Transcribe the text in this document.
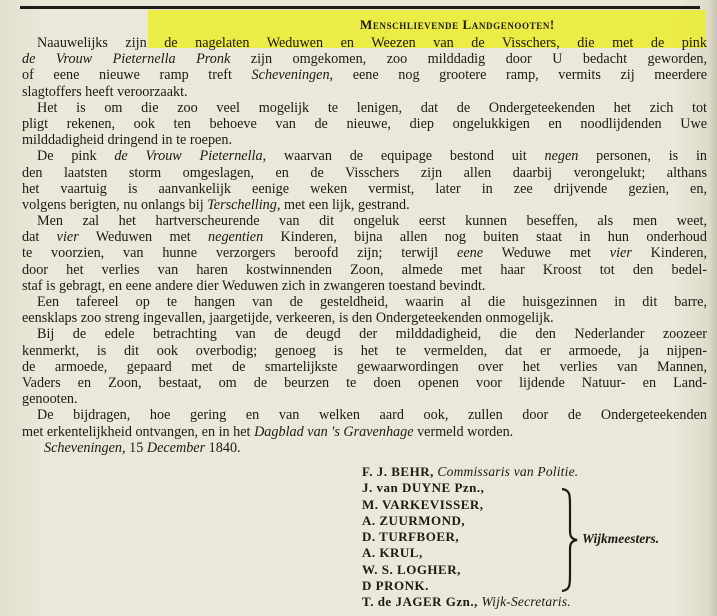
Menschlievende Landgenooten!
Naauwelijks zijn de nagelaten Weduwen en Weezen van de Visschers, die met de pink
de Vrouw Pieternella Pronk zijn omgekomen, zoo milddadig door U bedacht geworden,
of eene nieuwe ramp treft Scheveningen, eene nog grootere ramp, vermits zij meerdere
slagtoffers heeft veroorzaakt.
Het is om die zoo veel mogelijk te lenigen, dat de Ondergeteekenden het zich tot
pligt rekenen, ook ten behoeve van de nieuwe, diep ongelukkigen en noodlijdenden Uwe
milddadigheid dringend in te roepen.
De pink de Vrouw Pieternella, waarvan de equipage bestond uit negen personen, is in
den laatsten storm omgeslagen, en de Visschers zijn allen daarbij verongelukt; althans
het vaartuig is aanvankelijk eenige weken vermist, later in zee drijvende gezien, en,
volgens berigten, nu onlangs bij Terschelling, met een lijk, gestrand.
Men zal het hartverscheurende van dit ongeluk eerst kunnen beseffen, als men weet,
dat vier Weduwen met negentien Kinderen, bijna allen nog buiten staat in hun onderhoud
te voorzien, van hunne verzorgers beroofd zijn; terwijl eene Weduwe met vier Kinderen,
door het verlies van haren kostwinnenden Zoon, almede met haar Kroost tot den bedel-
staf is gebragt, en eene andere dier Weduwen zich in zwangeren toestand bevindt.
Een tafereel op te hangen van de gesteldheid, waarin al die huisgezinnen in dit barre,
eensklaps zoo streng ingevallen, jaargetijde, verkeeren, is den Ondergeteekenden onmogelijk.
Bij de edele betrachting van de deugd der milddadigheid, die den Nederlander zoozeer
kenmerkt, is dit ook overbodig; genoeg is het te vermelden, dat er armoede, ja nijpen-
de armoede, gepaard met de smartelijkste gewaarwordingen over het verlies van Mannen,
Vaders en Zoon, bestaat, om de beurzen te doen openen voor lijdende Natuur- en Land-
genooten.
De bijdragen, hoe gering en van welken aard ook, zullen door de Ondergeteekenden
met erkentelijkheid ontvangen, en in het Dagblad van 's Gravenhage vermeld worden.
Scheveningen, 15 December 1840.
F. J. BEHR, Commissaris van Politie.
J. van DUYNE Pzn.,
M. VARKEVISSER,
A. ZUURMOND,
D. TURFBOER,
A. KRUL,
W. S. LOGHER,
D PRONK.
T. de JAGER Gzn., Wijk-Secretaris.
Wijkmeesters.
